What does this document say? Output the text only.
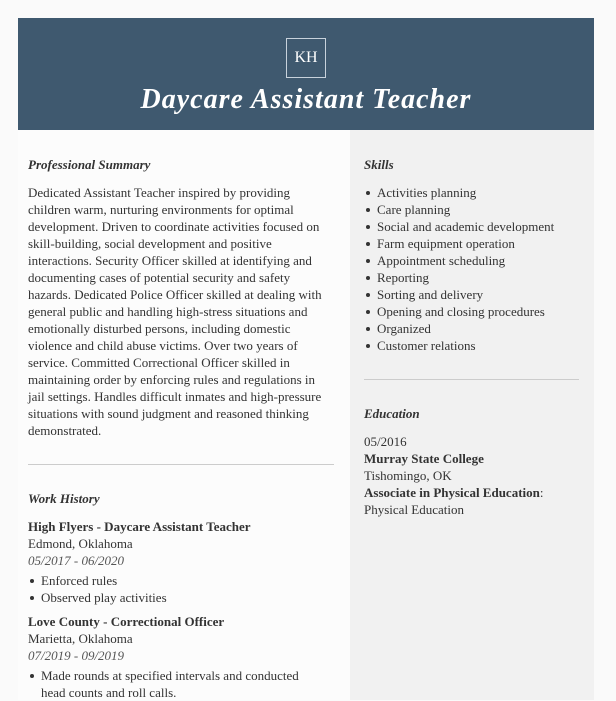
KH
Daycare Assistant Teacher
Professional Summary
Dedicated Assistant Teacher inspired by providing children warm, nurturing environments for optimal development. Driven to coordinate activities focused on skill-building, social development and positive interactions. Security Officer skilled at identifying and documenting cases of potential security and safety hazards. Dedicated Police Officer skilled at dealing with general public and handling high-stress situations and emotionally disturbed persons, including domestic violence and child abuse victims. Over two years of service. Committed Correctional Officer skilled in maintaining order by enforcing rules and regulations in jail settings. Handles difficult inmates and high-pressure situations with sound judgment and reasoned thinking demonstrated.
Work History
High Flyers - Daycare Assistant Teacher
Edmond, Oklahoma
05/2017 - 06/2020
Enforced rules
Observed play activities
Love County - Correctional Officer
Marietta, Oklahoma
07/2019 - 09/2019
Made rounds at specified intervals and conducted head counts and roll calls.
Skills
Activities planning
Care planning
Social and academic development
Farm equipment operation
Appointment scheduling
Reporting
Sorting and delivery
Opening and closing procedures
Organized
Customer relations
Education
05/2016
Murray State College
Tishomingo, OK
Associate in Physical Education:
Physical Education
